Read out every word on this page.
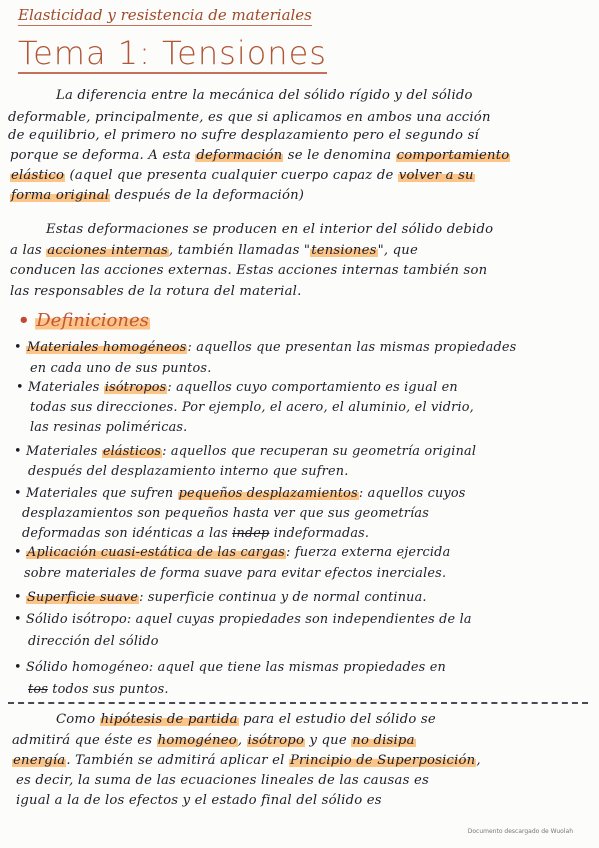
Elasticidad y resistencia de materiales
Tema 1: Tensiones
La diferencia entre la mecánica del sólido rígido y del sólido
deformable, principalmente, es que si aplicamos en ambos una acción
de equilibrio, el primero no sufre desplazamiento pero el segundo sí
porque se deforma. A esta deformación se le denomina comportamiento
elástico (aquel que presenta cualquier cuerpo capaz de volver a su
forma original después de la deformación)
Estas deformaciones se producen en el interior del sólido debido
a las acciones internas, también llamadas "tensiones", que
conducen las acciones externas. Estas acciones internas también son
las responsables de la rotura del material.
• Definiciones
• Materiales homogéneos: aquellos que presentan las mismas propiedades
en cada uno de sus puntos.
• Materiales isótropos: aquellos cuyo comportamiento es igual en
todas sus direcciones. Por ejemplo, el acero, el aluminio, el vidrio,
las resinas poliméricas.
• Materiales elásticos: aquellos que recuperan su geometría original
después del desplazamiento interno que sufren.
• Materiales que sufren pequeños desplazamientos: aquellos cuyos
desplazamientos son pequeños hasta ver que sus geometrías
deformadas son idénticas a las indep indeformadas.
• Aplicación cuasi-estática de las cargas: fuerza externa ejercida
sobre materiales de forma suave para evitar efectos inerciales.
• Superficie suave: superficie continua y de normal continua.
• Sólido isótropo: aquel cuyas propiedades son independientes de la
dirección del sólido
• Sólido homogéneo: aquel que tiene las mismas propiedades en
tos todos sus puntos.
Como hipótesis de partida para el estudio del sólido se
admitirá que éste es homogéneo, isótropo y que no disipa
energía. También se admitirá aplicar el Principio de Superposición,
es decir, la suma de las ecuaciones lineales de las causas es
igual a la de los efectos y el estado final del sólido es
Documento descargado de Wuolah
